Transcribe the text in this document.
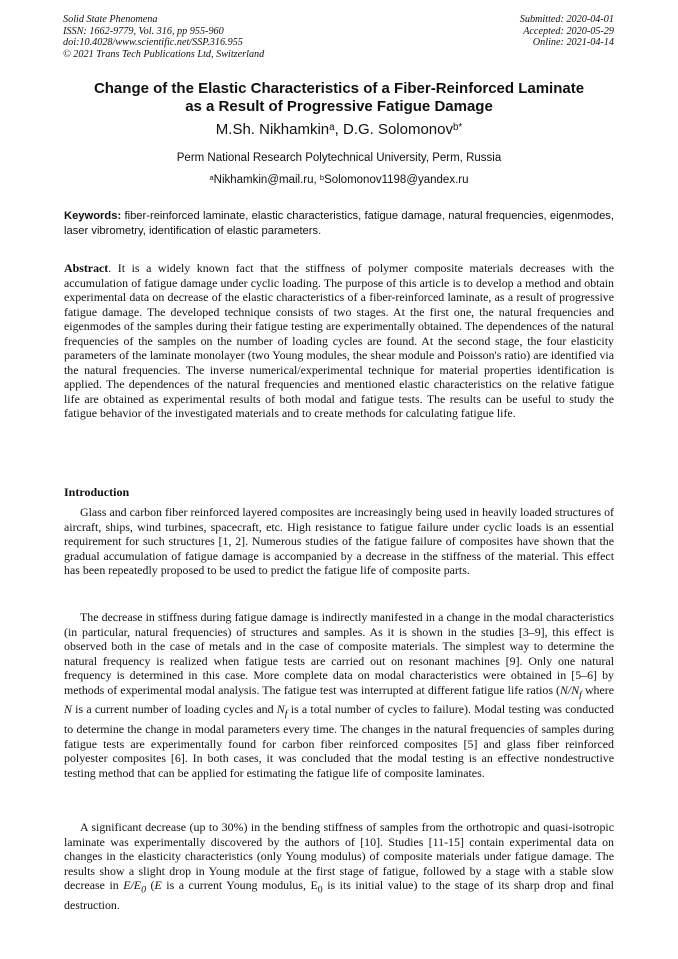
Solid State Phenomena
ISSN: 1662-9779, Vol. 316, pp 955-960
doi:10.4028/www.scientific.net/SSP.316.955
© 2021 Trans Tech Publications Ltd, Switzerland
Submitted: 2020-04-01
Accepted: 2020-05-29
Online: 2021-04-14
Change of the Elastic Characteristics of a Fiber-Reinforced Laminate
as a Result of Progressive Fatigue Damage
M.Sh. Nikhamkin$^a$, D.G. Solomonov$^{b*}$
Perm National Research Polytechnical University, Perm, Russia
$^a$Nikhamkin@mail.ru, $^b$Solomonov1198@yandex.ru
Keywords: fiber-reinforced laminate, elastic characteristics, fatigue damage, natural frequencies, eigenmodes, laser vibrometry, identification of elastic parameters.
Abstract. It is a widely known fact that the stiffness of polymer composite materials decreases with the accumulation of fatigue damage under cyclic loading. The purpose of this article is to develop a method and obtain experimental data on decrease of the elastic characteristics of a fiber-reinforced laminate, as a result of progressive fatigue damage. The developed technique consists of two stages. At the first one, the natural frequencies and eigenmodes of the samples during their fatigue testing are experimentally obtained. The dependences of the natural frequencies of the samples on the number of loading cycles are found. At the second stage, the four elasticity parameters of the laminate monolayer (two Young modules, the shear module and Poisson's ratio) are identified via the natural frequencies. The inverse numerical/experimental technique for material properties identification is applied. The dependences of the natural frequencies and mentioned elastic characteristics on the relative fatigue life are obtained as experimental results of both modal and fatigue tests. The results can be useful to study the fatigue behavior of the investigated materials and to create methods for calculating fatigue life.
Introduction

Glass and carbon fiber reinforced layered composites are increasingly being used in heavily loaded structures of aircraft, ships, wind turbines, spacecraft, etc. High resistance to fatigue failure under cyclic loads is an essential requirement for such structures [1, 2]. Numerous studies of the fatigue failure of composites have shown that the gradual accumulation of fatigue damage is accompanied by a decrease in the stiffness of the material. This effect has been repeatedly proposed to be used to predict the fatigue life of composite parts.

The decrease in stiffness during fatigue damage is indirectly manifested in a change in the modal characteristics (in particular, natural frequencies) of structures and samples. As it is shown in the studies [3–9], this effect is observed both in the case of metals and in the case of composite materials. The simplest way to determine the natural frequency is realized when fatigue tests are carried out on resonant machines [9]. Only one natural frequency is determined in this case. More complete data on modal characteristics were obtained in [5–6] by methods of experimental modal analysis. The fatigue test was interrupted at different fatigue life ratios ($N/N_f$ where N is a current number of loading cycles and $N_f$ is a total number of cycles to failure). Modal testing was conducted to determine the change in modal parameters every time. The changes in the natural frequencies of samples during fatigue tests are experimentally found for carbon fiber reinforced composites [5] and glass fiber reinforced polyester composites [6]. In both cases, it was concluded that the modal testing is an effective nondestructive testing method that can be applied for estimating the fatigue life of composite laminates.

A significant decrease (up to 30%) in the bending stiffness of samples from the orthotropic and quasi-isotropic laminate was experimentally discovered by the authors of [10]. Studies [11-15] contain experimental data on changes in the elasticity characteristics (only Young modulus) of composite materials under fatigue damage. The results show a slight drop in Young module at the first stage of fatigue, followed by a stage with a stable slow decrease in $E/E_0$ (E is a current Young modulus, $E_0$ is its initial value) to the stage of its sharp drop and final destruction.
